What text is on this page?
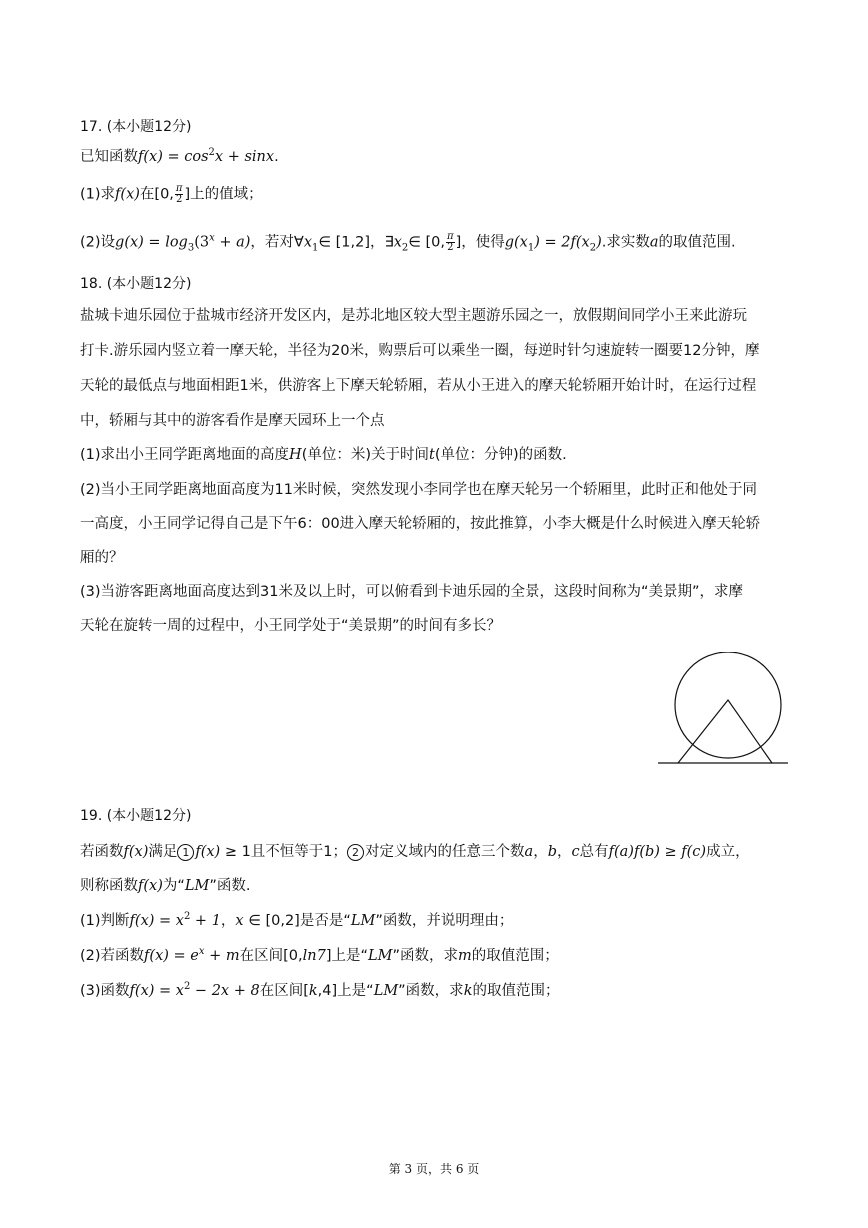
17. (本小题12分)
已知函数$f(x) = \cos^2x + \sin x$.
(1)求f(x)在[0, $\frac{\pi}{2}$ ]上的值域；
(2)设$g(x) = \log_3(3^x + a)$，若对$\forall x_1\in$ [1,2]，$\exists x_2\in$ [0, $\frac{\pi}{2}$ ]，使得$g(x_1) = 2f(x_2)$.求实数a的取值范围.
18. (本小题12分)
盐城卡迪乐园位于盐城市经济开发区内，是苏北地区较大型主题游乐园之一，放假期间同学小王来此游玩
打卡.游乐园内竖立着一摩天轮，半径为20米，购票后可以乘坐一圈，每逆时针匀速旋转一圈要12分钟，摩
天轮的最低点与地面相距1米，供游客上下摩天轮轿厢，若从小王进入的摩天轮轿厢开始计时，在运行过程
中，轿厢与其中的游客看作是摩天园环上一个点
(1)求出小王同学距离地面的高度H(单位：米)关于时间t(单位：分钟)的函数.
(2)当小王同学距离地面高度为11米时候，突然发现小李同学也在摩天轮另一个轿厢里，此时正和他处于同
一高度，小王同学记得自己是下午6：00进入摩天轮轿厢的，按此推算，小李大概是什么时候进入摩天轮轿
厢的？
(3)当游客距离地面高度达到31米及以上时，可以俯看到卡迪乐园的全景，这段时间称为“美景期”，求摩
天轮在旋转一周的过程中，小王同学处于“美景期”的时间有多长？
19. (本小题12分)
若函数f(x)满足 1 f(x) ≥ 1且不恒等于1； 2 对定义域内的任意三个数a，b，c总有f(a)f(b) ≥ f(c)成立，
则称函数f(x)为“LM”函数.
(1)判断$f(x) = x^2 + 1$，x ∈ [0,2]是否是“LM”函数，并说明理由；
(2)若函数$f(x) = e^x + m$在区间[0,ln7]上是“LM”函数，求m的取值范围；
(3)函数$f(x) = x^2 - 2x + 8$在区间[k,4]上是“LM”函数，求k的取值范围；
第 3 页，共 6 页
